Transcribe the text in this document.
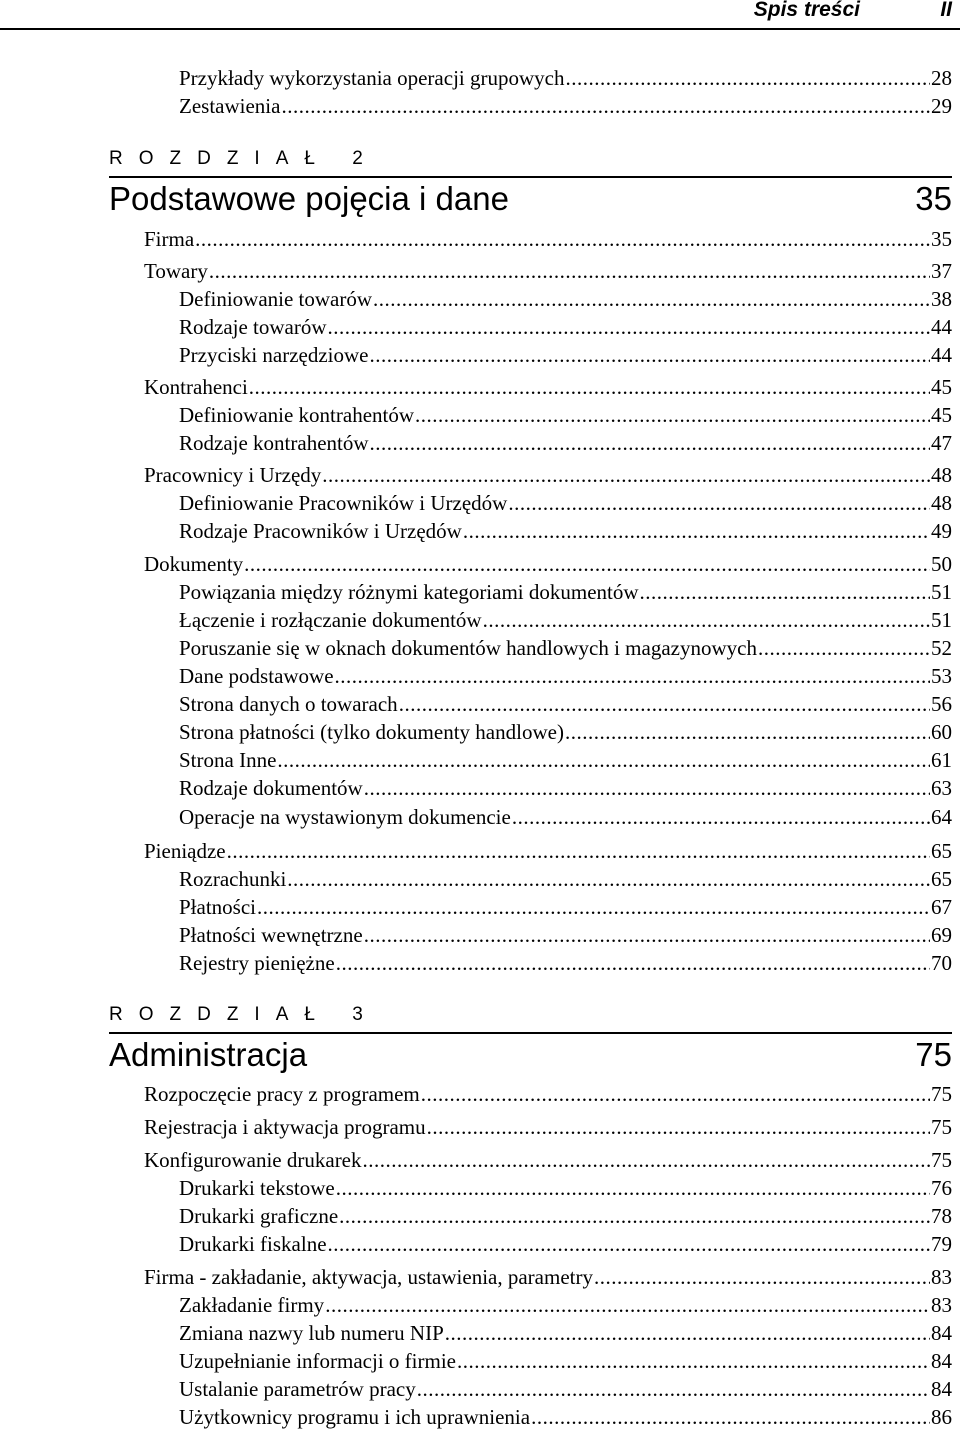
Spis treści	II
Przykłady wykorzystania operacji grupowych .....	28
Zestawienia .....	29
ROZDZIAŁ 2
Podstawowe pojęcia i dane	35
Firma .....	35
Towary .....	37
Definiowanie towarów .....	38
Rodzaje towarów .....	44
Przyciski narzędziowe .....	44
Kontrahenci .....	45
Definiowanie kontrahentów .....	45
Rodzaje kontrahentów .....	47
Pracownicy i Urzędy .....	48
Definiowanie Pracowników i Urzędów .....	48
Rodzaje Pracowników i Urzędów .....	49
Dokumenty .....	50
Powiązania między różnymi kategoriami dokumentów .....	51
Łączenie i rozłączanie dokumentów .....	51
Poruszanie się w oknach dokumentów handlowych i magazynowych .....	52
Dane podstawowe .....	53
Strona danych o towarach .....	56
Strona płatności (tylko dokumenty handlowe) .....	60
Strona Inne .....	61
Rodzaje dokumentów .....	63
Operacje na wystawionym dokumencie .....	64
Pieniądze .....	65
Rozrachunki .....	65
Płatności .....	67
Płatności wewnętrzne .....	69
Rejestry pieniężne .....	70
ROZDZIAŁ 3
Administracja	75
Rozpoczęcie pracy z programem .....	75
Rejestracja i aktywacja programu .....	75
Konfigurowanie drukarek .....	75
Drukarki tekstowe .....	76
Drukarki graficzne .....	78
Drukarki fiskalne .....	79
Firma - zakładanie, aktywacja, ustawienia, parametry .....	83
Zakładanie firmy .....	83
Zmiana nazwy lub numeru NIP .....	84
Uzupełnianie informacji o firmie .....	84
Ustalanie parametrów pracy .....	84
Użytkownicy programu i ich uprawnienia .....	86
